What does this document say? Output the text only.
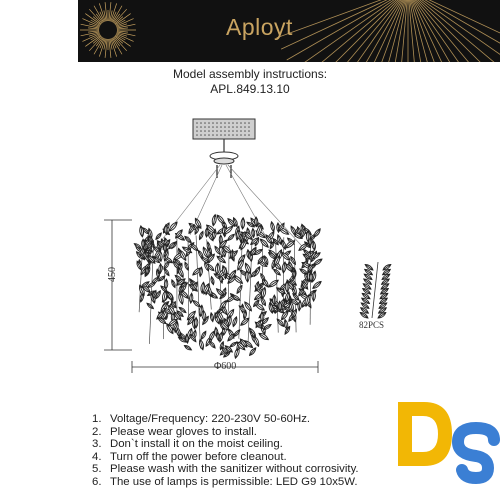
Aployt
Model assembly instructions:
APL.849.13.10
450
Φ600
82PCS
1. Voltage/Frequency: 220-230V 50-60Hz.
2. Please wear gloves to install.
3. Don`t install it on the moist ceiling.
4. Turn off the power before cleanout.
5. Please wash with the sanitizer without corrosivity.
6. The use of lamps is permissible: LED G9 10x5W.
